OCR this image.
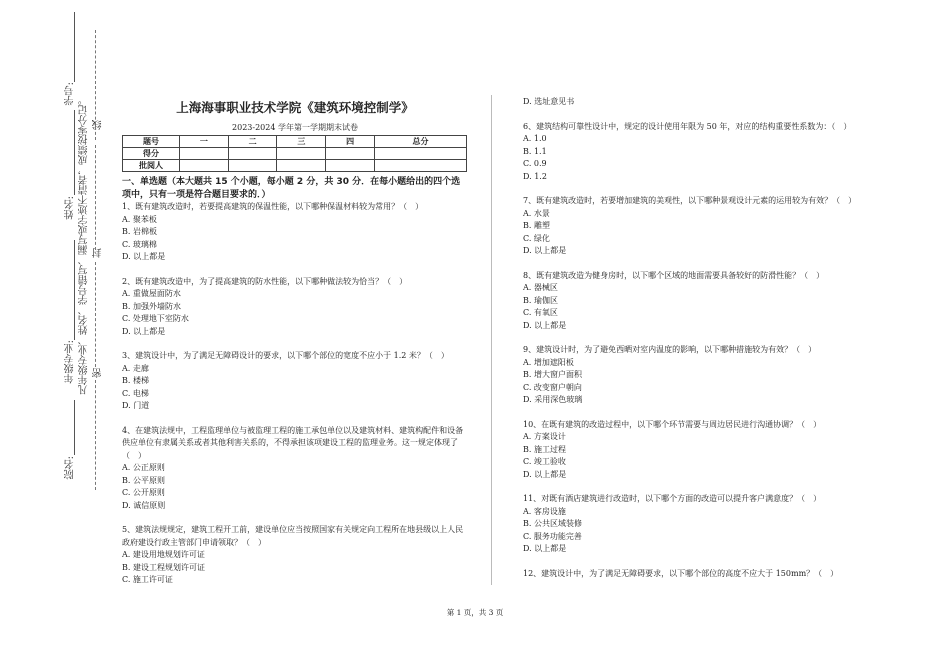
学号:
姓名:
年级专业:
院名:
凡年级专业、姓名、学号错写、漏写或字迹不清者，成绩按零分记。 线
封
密
上海海事职业技术学院《建筑环境控制学》
2023-2024 学年第一学期期末试卷
题号	一	二	三	四	总分
得分					
批阅人					
一、单选题（本大题共 15 个小题，每小题 2 分，共 30 分．在每小题给出的四个选项中，只有一项是符合题目要求的．）

1、既有建筑改造时，若要提高建筑的保温性能，以下哪种保温材料较为常用？（　）

A. 聚苯板

B. 岩棉板

C. 玻璃棉

D. 以上都是

2、既有建筑改造中，为了提高建筑的防水性能，以下哪种做法较为恰当？（　）

A. 重做屋面防水

B. 加强外墙防水

C. 处理地下室防水

D. 以上都是

3、建筑设计中，为了满足无障碍设计的要求，以下哪个部位的宽度不应小于 1.2 米？（　）

A. 走廊

B. 楼梯

C. 电梯

D. 门道

4、在建筑法规中，工程监理单位与被监理工程的施工承包单位以及建筑材料、建筑构配件和设备供应单位有隶属关系或者其他利害关系的，不得承担该项建设工程的监理业务。这一规定体现了（　）

A. 公正原则

B. 公平原则

C. 公开原则

D. 诚信原则

5、建筑法规规定，建筑工程开工前，建设单位应当按照国家有关规定向工程所在地县级以上人民政府建设行政主管部门申请领取？（　）

A. 建设用地规划许可证

B. 建设工程规划许可证

C. 施工许可证

D. 选址意见书

6、建筑结构可靠性设计中，规定的设计使用年限为 50 年，对应的结构重要性系数为：（　）

A. 1.0

B. 1.1

C. 0.9

D. 1.2

7、既有建筑改造时，若要增加建筑的美观性，以下哪种景观设计元素的运用较为有效？（　）

A. 水景

B. 雕塑

C. 绿化

D. 以上都是

8、既有建筑改造为健身房时，以下哪个区域的地面需要具备较好的防滑性能？（　）

A. 器械区

B. 瑜伽区

C. 有氧区

D. 以上都是

9、建筑设计时，为了避免西晒对室内温度的影响，以下哪种措施较为有效？（　）

A. 增加遮阳板

B. 增大窗户面积

C. 改变窗户朝向

D. 采用深色玻璃

10、在既有建筑的改造过程中，以下哪个环节需要与周边居民进行沟通协调？（　）

A. 方案设计

B. 施工过程

C. 竣工验收

D. 以上都是

11、对既有酒店建筑进行改造时，以下哪个方面的改造可以提升客户满意度？（　）

A. 客房设施

B. 公共区域装修

C. 服务功能完善

D. 以上都是

12、建筑设计中，为了满足无障碍要求，以下哪个部位的高度不应大于 150mm？（　）

第 1 页，共 3 页
